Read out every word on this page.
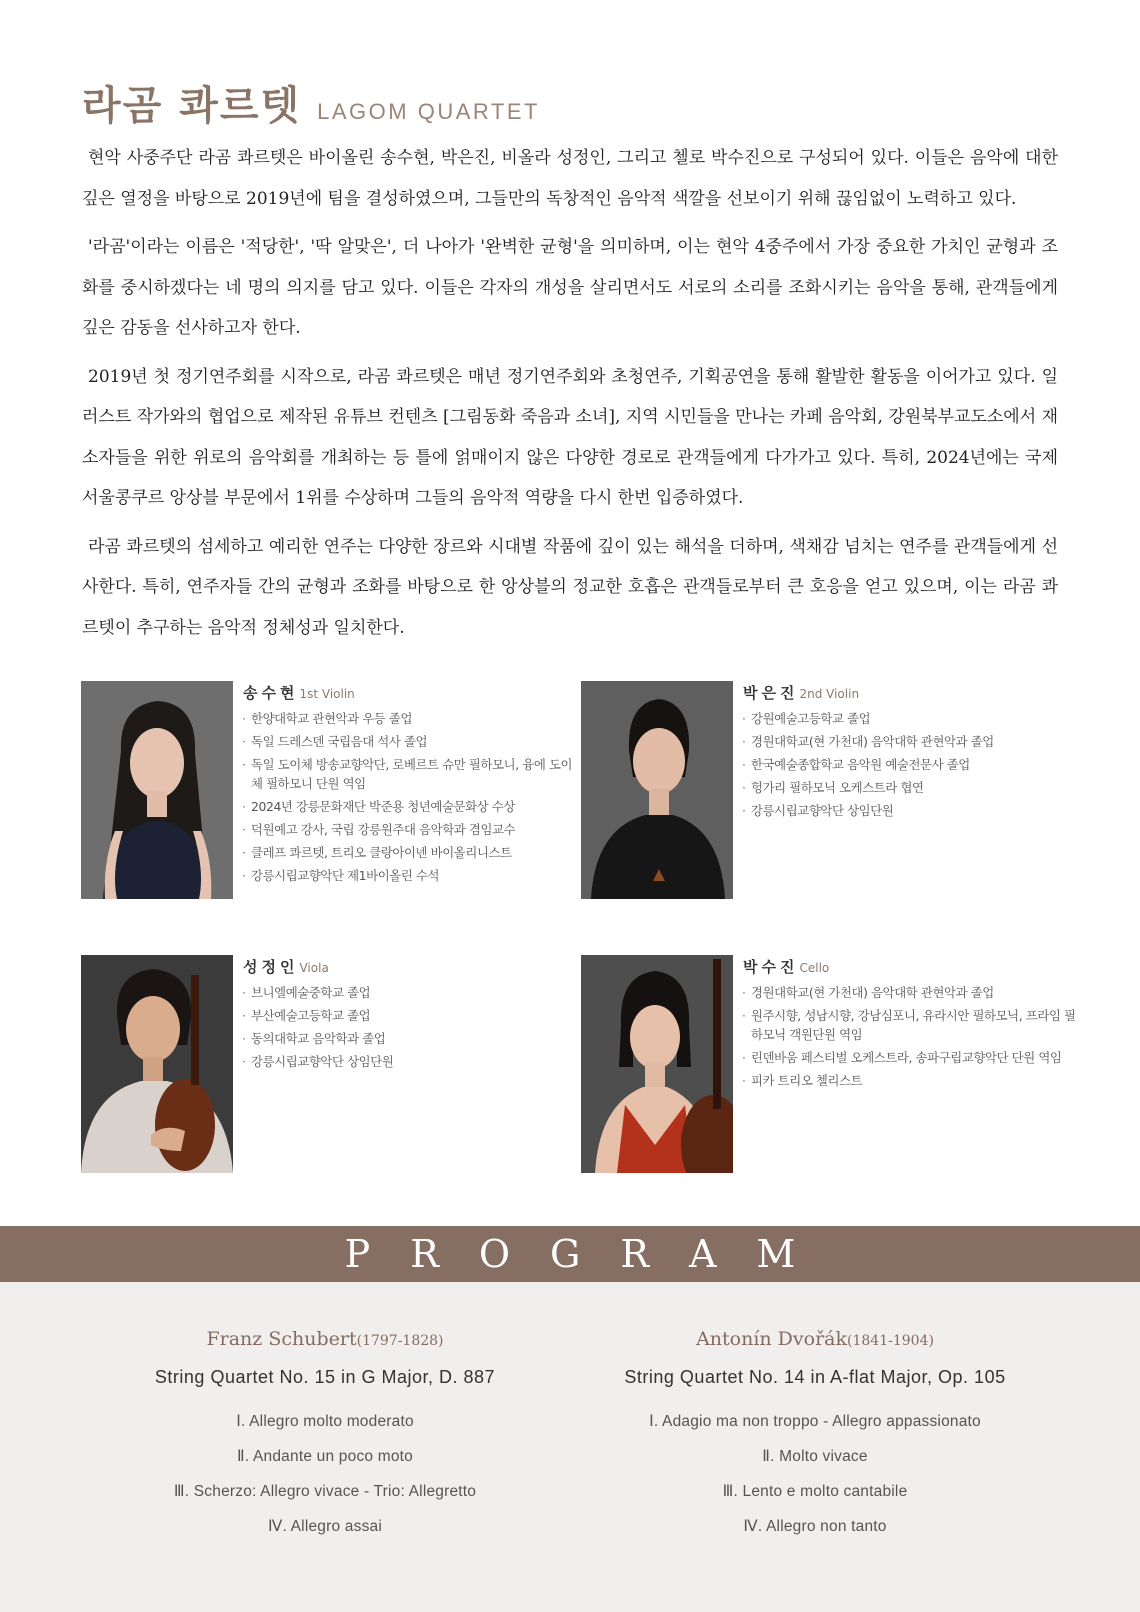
라곰 콰르텟 LAGOM QUARTET

현악 사중주단 라곰 콰르텟은 바이올린 송수현, 박은진, 비올라 성정인, 그리고 첼로 박수진으로 구성되어 있다. 이들은 음악에 대한 깊은 열정을 바탕으로 2019년에 팀을 결성하였으며, 그들만의 독창적인 음악적 색깔을 선보이기 위해 끊임없이 노력하고 있다.

'라곰'이라는 이름은 '적당한', '딱 알맞은', 더 나아가 '완벽한 균형'을 의미하며, 이는 현악 4중주에서 가장 중요한 가치인 균형과 조화를 중시하겠다는 네 명의 의지를 담고 있다. 이들은 각자의 개성을 살리면서도 서로의 소리를 조화시키는 음악을 통해, 관객들에게 깊은 감동을 선사하고자 한다.

2019년 첫 정기연주회를 시작으로, 라곰 콰르텟은 매년 정기연주회와 초청연주, 기획공연을 통해 활발한 활동을 이어가고 있다. 일러스트 작가와의 협업으로 제작된 유튜브 컨텐츠 [그림동화 죽음과 소녀], 지역 시민들을 만나는 카페 음악회, 강원북부교도소에서 재소자들을 위한 위로의 음악회를 개최하는 등 틀에 얽매이지 않은 다양한 경로로 관객들에게 다가가고 있다. 특히, 2024년에는 국제 서울콩쿠르 앙상블 부문에서 1위를 수상하며 그들의 음악적 역량을 다시 한번 입증하였다.

라곰 콰르텟의 섬세하고 예리한 연주는 다양한 장르와 시대별 작품에 깊이 있는 해석을 더하며, 색채감 넘치는 연주를 관객들에게 선사한다. 특히, 연주자들 간의 균형과 조화를 바탕으로 한 앙상블의 정교한 호흡은 관객들로부터 큰 호응을 얻고 있으며, 이는 라곰 콰르텟이 추구하는 음악적 정체성과 일치한다.

송수현1st Violin
· 한양대학교 관현악과 우등 졸업
· 독일 드레스덴 국립음대 석사 졸업
· 독일 도이체 방송교향악단, 로베르트 슈만 필하모니, 융에 도이체 필하모니 단원 역임
· 2024년 강릉문화재단 박준용 청년예술문화상 수상
· 덕원예고 강사, 국립 강릉원주대 음악학과 겸임교수
· 클레프 콰르텟, 트리오 클랑아이넨 바이올리니스트
· 강릉시립교향악단 제1바이올린 수석
박은진2nd Violin
· 강원예술고등학교 졸업
· 경원대학교(현 가천대) 음악대학 관현악과 졸업
· 한국예술종합학교 음악원 예술전문사 졸업
· 헝가리 필하모닉 오케스트라 협연
· 강릉시립교향악단 상임단원
성정인Viola
· 브니엘예술중학교 졸업
· 부산예술고등학교 졸업
· 동의대학교 음악학과 졸업
· 강릉시립교향악단 상임단원
박수진Cello
· 경원대학교(현 가천대) 음악대학 관현악과 졸업
· 원주시향, 성남시향, 강남심포니, 유라시안 필하모닉, 프라임 필하모닉 객원단원 역임
· 린덴바움 페스티벌 오케스트라, 송파구립교향악단 단원 역임
· 피카 트리오 첼리스트
PROGRAM
Franz Schubert(1797-1828)
String Quartet No. 15 in G Major, D. 887
Ⅰ. Allegro molto moderato
Ⅱ. Andante un poco moto
Ⅲ. Scherzo: Allegro vivace - Trio: Allegretto
Ⅳ. Allegro assai
Antonín Dvořák(1841-1904)
String Quartet No. 14 in A-flat Major, Op. 105
Ⅰ. Adagio ma non troppo - Allegro appassionato
Ⅱ. Molto vivace
Ⅲ. Lento e molto cantabile
Ⅳ. Allegro non tanto
